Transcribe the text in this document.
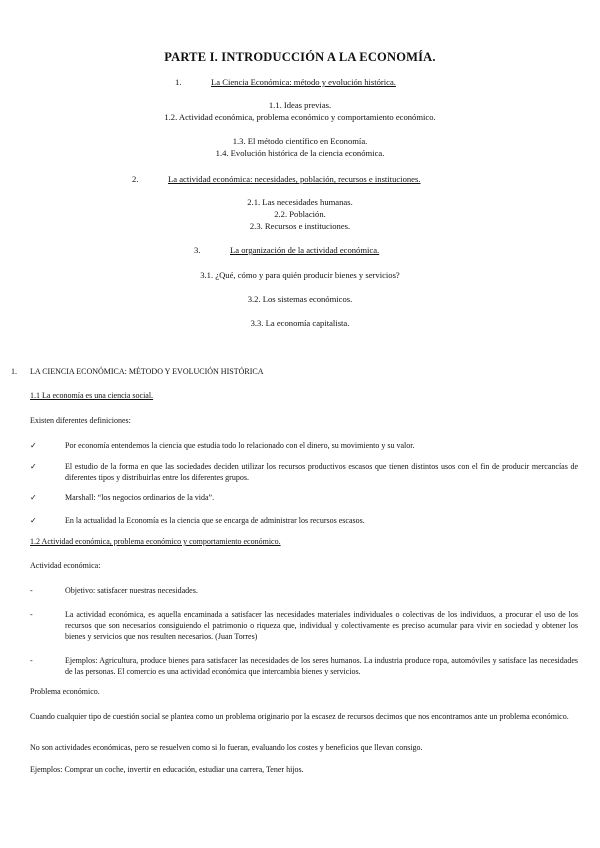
PARTE I. INTRODUCCIÓN A LA ECONOMÍA.
1.	La Ciencia Económica: método y evolución histórica.
1.1. Ideas previas.
1.2. Actividad económica, problema económico y comportamiento económico.
1.3. El método científico en Economía.
1.4. Evolución histórica de la ciencia económica.
2.	La actividad económica: necesidades, población, recursos e instituciones.
2.1. Las necesidades humanas.
2.2. Población.
2.3. Recursos e instituciones.
3.	La organización de la actividad económica.
3.1. ¿Qué, cómo y para quién producir bienes y servicios?
3.2. Los sistemas económicos.
3.3. La economía capitalista.
1.	LA CIENCIA ECONÓMICA: MÉTODO Y EVOLUCIÓN HISTÓRICA
1.1 La economía es una ciencia social.
Existen diferentes definiciones:
✓	Por economía entendemos la ciencia que estudia todo lo relacionado con el dinero, su movimiento y su valor.
✓	El estudio de la forma en que las sociedades deciden utilizar los recursos productivos escasos que tienen distintos usos con el fin de producir mercancías de diferentes tipos y distribuirlas entre los diferentes grupos.
✓	Marshall: “los negocios ordinarios de la vida”.
✓	En la actualidad la Economía es la ciencia que se encarga de administrar los recursos escasos.
1.2 Actividad económica, problema económico y comportamiento económico.
Actividad económica:
-	Objetivo: satisfacer nuestras necesidades.
-	La actividad económica, es aquella encaminada a satisfacer las necesidades materiales individuales o colectivas de los individuos, a procurar el uso de los recursos que son necesarios consiguiendo el patrimonio o riqueza que, individual y colectivamente es preciso acumular para vivir en sociedad y obtener los bienes y servicios que nos resulten necesarios. (Juan Torres)
-	Ejemplos: Agricultura, produce bienes para satisfacer las necesidades de los seres humanos. La industria produce ropa, automóviles y satisface las necesidades de las personas. El comercio es una actividad económica que intercambia bienes y servicios.
Problema económico.
Cuando cualquier tipo de cuestión social se plantea como un problema originario por la escasez de recursos decimos que nos encontramos ante un problema económico.
No son actividades económicas, pero se resuelven como si lo fueran, evaluando los costes y beneficios que llevan consigo.
Ejemplos: Comprar un coche, invertir en educación, estudiar una carrera, Tener hijos.
